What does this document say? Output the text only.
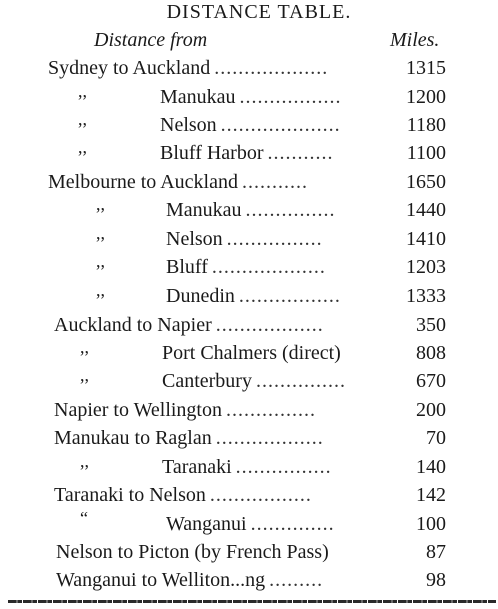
DISTANCE TABLE.
Distance from	Miles.
Sydney to Auckland ...................	1315
,,	Manukau .................	1200
,,	Nelson ....................	1180
,,	Bluff Harbor ...........	1100
Melbourne to Auckland ...........	1650
,,	Manukau ...............	1440
,,	Nelson ................	1410
,,	Bluff ...................	1203
,,	Dunedin .................	1333
Auckland to Napier ..................	350
,,	Port Chalmers (direct)	808
,,	Canterbury ...............	670
Napier to Wellington ...............	200
Manukau to Raglan ..................	70
,,	Taranaki ................	140
Taranaki to Nelson .................	142
“	Wanganui ..............	100
Nelson to Picton (by French Pass)	87
Wanganui to Welliton...ng .........	98
